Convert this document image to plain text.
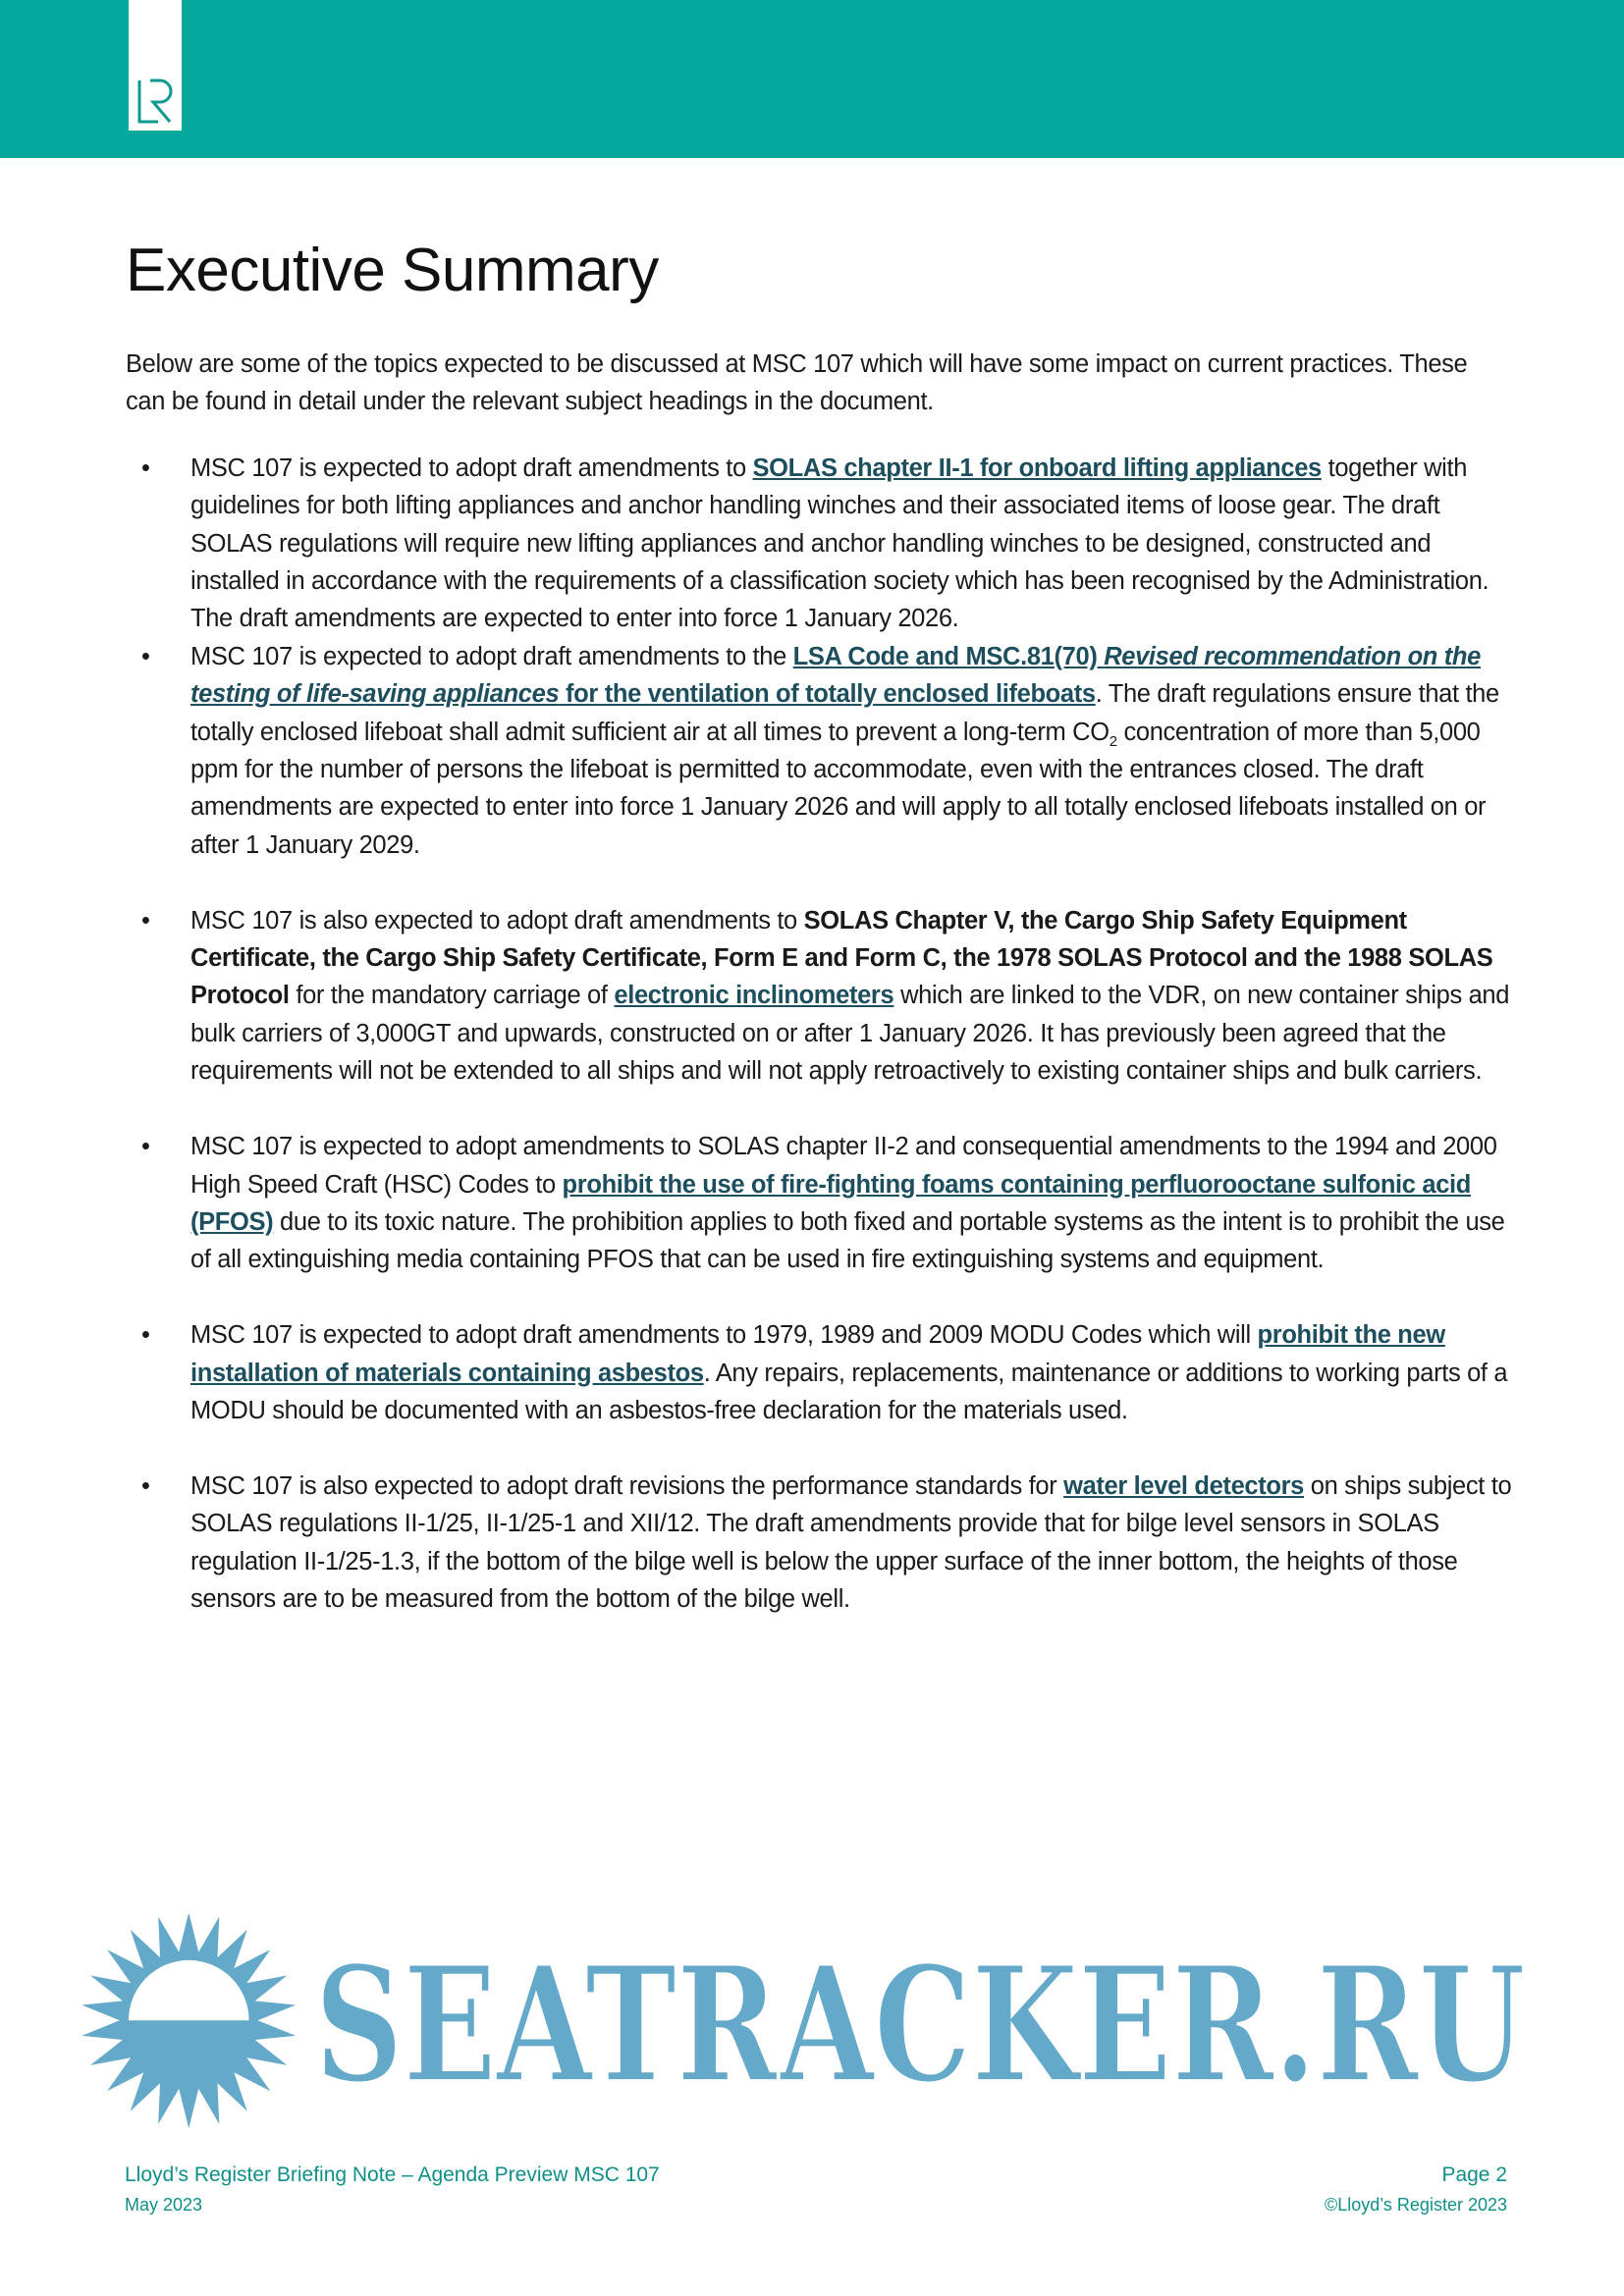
Executive Summary

Below are some of the topics expected to be discussed at MSC 107 which will have some impact on current practices. These can be found in detail under the relevant subject headings in the document.

• MSC 107 is expected to adopt draft amendments to SOLAS chapter II-1 for onboard lifting appliances together with guidelines for both lifting appliances and anchor handling winches and their associated items of loose gear. The draft SOLAS regulations will require new lifting appliances and anchor handling winches to be designed, constructed and installed in accordance with the requirements of a classification society which has been recognised by the Administration. The draft amendments are expected to enter into force 1 January 2026.
• MSC 107 is expected to adopt draft amendments to the LSA Code and MSC.81(70) Revised recommendation on the testing of life-saving appliances for the ventilation of totally enclosed lifeboats. The draft regulations ensure that the totally enclosed lifeboat shall admit sufficient air at all times to prevent a long-term $CO_2$ concentration of more than 5,000 ppm for the number of persons the lifeboat is permitted to accommodate, even with the entrances closed. The draft amendments are expected to enter into force 1 January 2026 and will apply to all totally enclosed lifeboats installed on or after 1 January 2029.
• MSC 107 is also expected to adopt draft amendments to SOLAS Chapter V, the Cargo Ship Safety Equipment Certificate, the Cargo Ship Safety Certificate, Form E and Form C, the 1978 SOLAS Protocol and the 1988 SOLAS Protocol for the mandatory carriage of electronic inclinometers which are linked to the VDR, on new container ships and bulk carriers of 3,000GT and upwards, constructed on or after 1 January 2026. It has previously been agreed that the requirements will not be extended to all ships and will not apply retroactively to existing container ships and bulk carriers.
• MSC 107 is expected to adopt amendments to SOLAS chapter II-2 and consequential amendments to the 1994 and 2000 High Speed Craft (HSC) Codes to prohibit the use of fire-fighting foams containing perfluorooctane sulfonic acid (PFOS) due to its toxic nature. The prohibition applies to both fixed and portable systems as the intent is to prohibit the use of all extinguishing media containing PFOS that can be used in fire extinguishing systems and equipment.
• MSC 107 is expected to adopt draft amendments to 1979, 1989 and 2009 MODU Codes which will prohibit the new installation of materials containing asbestos. Any repairs, replacements, maintenance or additions to working parts of a MODU should be documented with an asbestos-free declaration for the materials used.
• MSC 107 is also expected to adopt draft revisions the performance standards for water level detectors on ships subject to SOLAS regulations II-1/25, II-1/25-1 and XII/12. The draft amendments provide that for bilge level sensors in SOLAS regulation II-1/25-1.3, if the bottom of the bilge well is below the upper surface of the inner bottom, the heights of those sensors are to be measured from the bottom of the bilge well.
SEATRACKER.RU
Lloyd’s Register Briefing Note – Agenda Preview MSC 107
May 2023
Page 2
©Lloyd’s Register 2023
